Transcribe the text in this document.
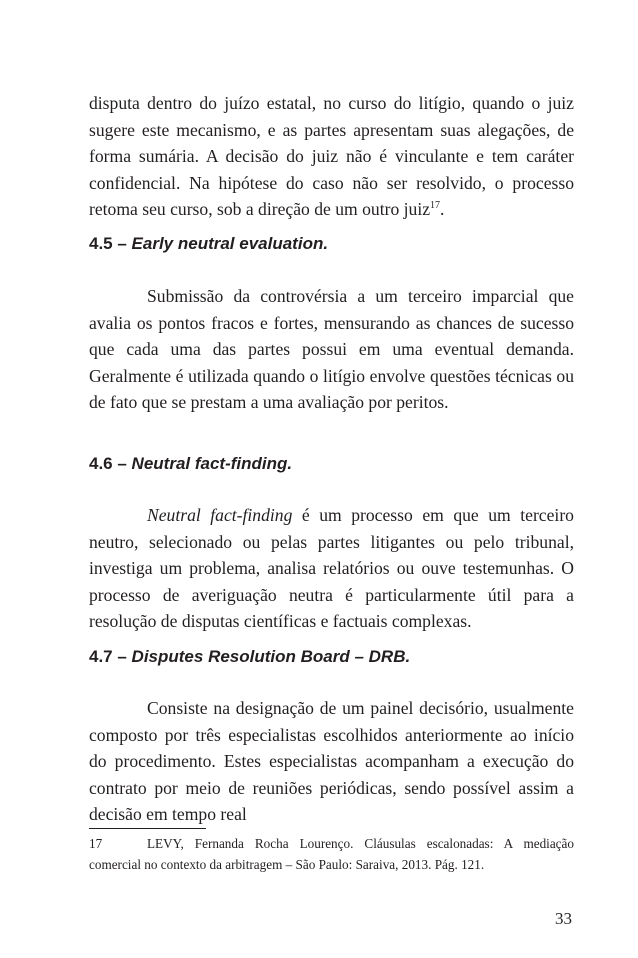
disputa dentro do juízo estatal, no curso do litígio, quando o juiz sugere este mecanismo, e as partes apresentam suas alegações, de forma sumária. A decisão do juiz não é vinculante e tem caráter confidencial. Na hipótese do caso não ser resolvido, o processo retoma seu curso, sob a direção de um outro juiz$^{17}$.

4.5 – Early neutral evaluation.

Submissão da controvérsia a um terceiro imparcial que avalia os pontos fracos e fortes, mensurando as chances de sucesso que cada uma das partes possui em uma eventual demanda. Geralmente é utilizada quando o litígio envolve questões técnicas ou de fato que se prestam a uma avaliação por peritos.

4.6 – Neutral fact-finding.

Neutral fact-finding é um processo em que um terceiro neutro, selecionado ou pelas partes litigantes ou pelo tribunal, investiga um problema, analisa relatórios ou ouve testemunhas. O processo de averiguação neutra é particularmente útil para a resolução de disputas científicas e factuais complexas.

4.7 – Disputes Resolution Board – DRB.

Consiste na designação de um painel decisório, usualmente composto por três especialistas escolhidos anteriormente ao início do procedimento. Estes especialistas acompanham a execução do contrato por meio de reuniões periódicas, sendo possível assim a decisão em tempo real

17	LEVY, Fernanda Rocha Lourenço. Cláusulas escalonadas: A mediação comercial no contexto da arbitragem – São Paulo: Saraiva, 2013. Pág. 121.

33
